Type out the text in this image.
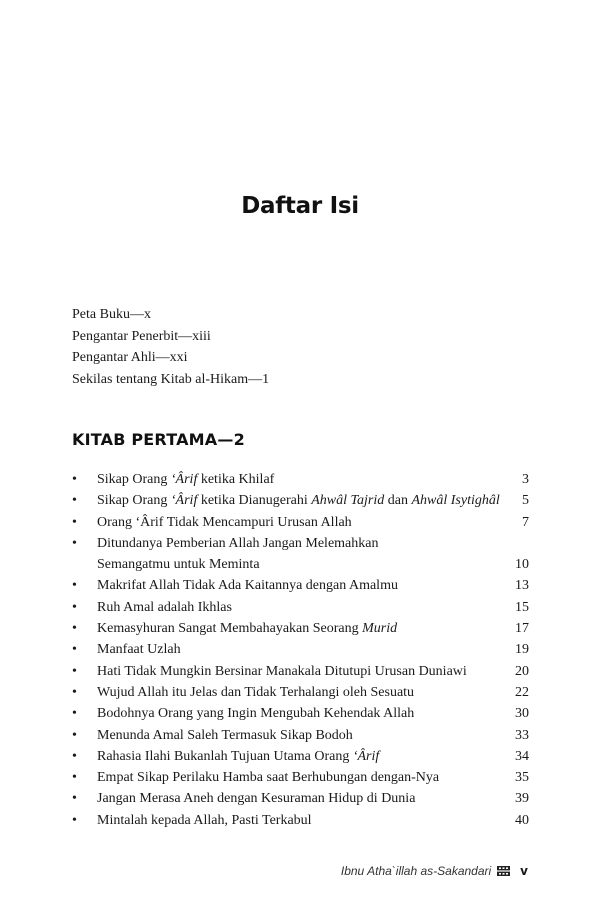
Daftar Isi
Peta Buku—x
Pengantar Penerbit—xiii
Pengantar Ahli—xxi
Sekilas tentang Kitab al-Hikam—1
KITAB PERTAMA—2
• Sikap Orang ‘Ârif ketika Khilaf	3
• Sikap Orang ‘Ârif ketika Dianugerahi Ahwâl Tajrid dan Ahwâl Isytighâl 5
• Orang ‘Ârif Tidak Mencampuri Urusan Allah	7
• Ditundanya Pemberian Allah Jangan Melemahkan
Semangatmu untuk Meminta	10
• Makrifat Allah Tidak Ada Kaitannya dengan Amalmu	13
• Ruh Amal adalah Ikhlas	15
• Kemasyhuran Sangat Membahayakan Seorang Murid	17
• Manfaat Uzlah	19
• Hati Tidak Mungkin Bersinar Manakala Ditutupi Urusan Duniawi	20
• Wujud Allah itu Jelas dan Tidak Terhalangi oleh Sesuatu	22
• Bodohnya Orang yang Ingin Mengubah Kehendak Allah	30
• Menunda Amal Saleh Termasuk Sikap Bodoh	33
• Rahasia Ilahi Bukanlah Tujuan Utama Orang ‘Ârif	34
• Empat Sikap Perilaku Hamba saat Berhubungan dengan-Nya	35
• Jangan Merasa Aneh dengan Kesuraman Hidup di Dunia	39
• Mintalah kepada Allah, Pasti Terkabul	40
Ibnu Atha`illah as-Sakandari v
